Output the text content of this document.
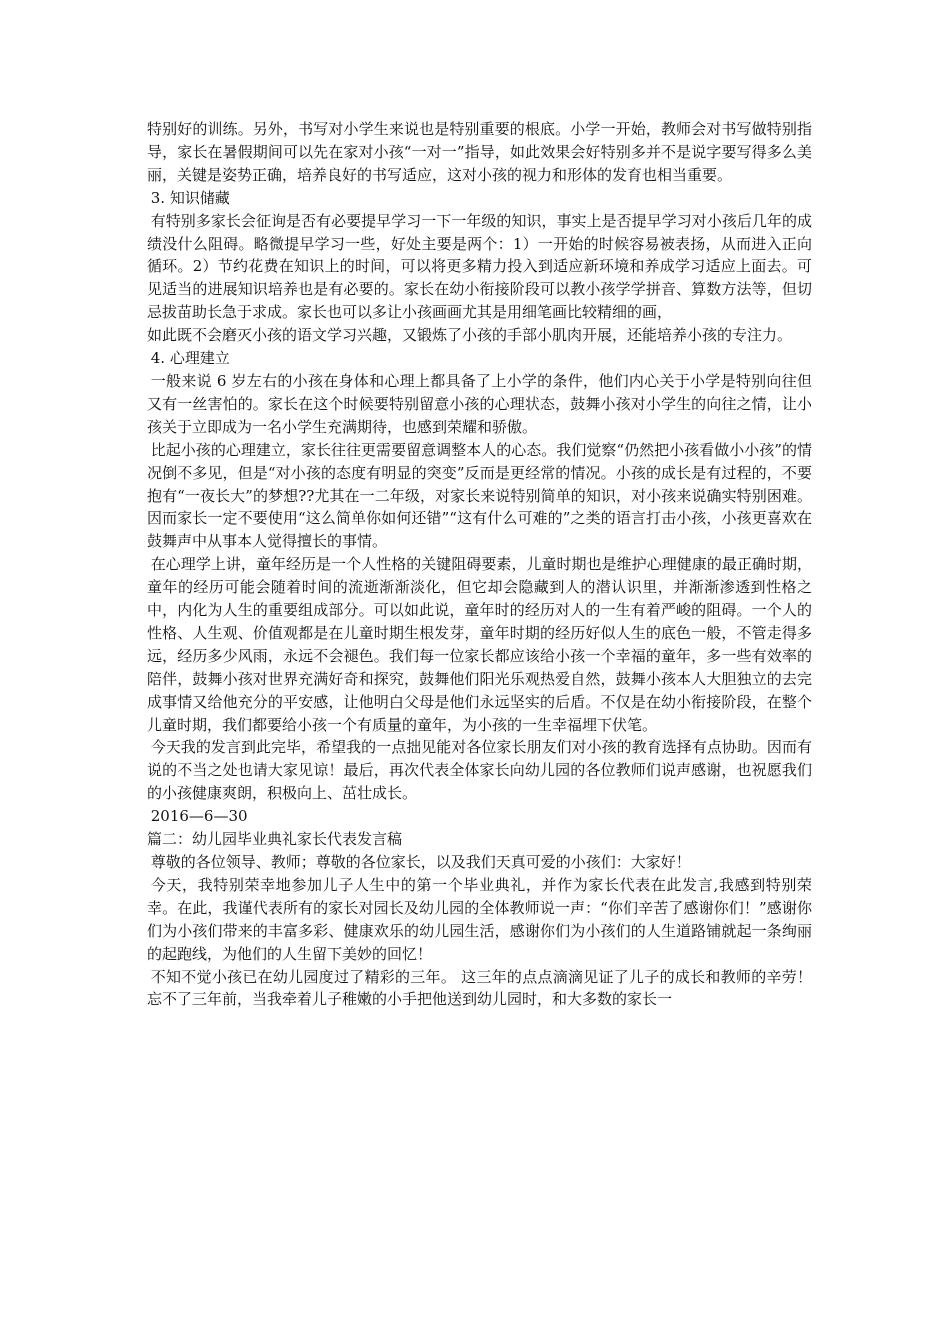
特别好的训练。另外，书写对小学生来说也是特别重要的根底。小学一开始，教师会对书写做特别指导，家长在暑假期间可以先在家对小孩“一对一”指导，如此效果会好特别多并不是说字要写得多么美丽，关键是姿势正确，培养良好的书写适应，这对小孩的视力和形体的发育也相当重要。

3. 知识储藏

有特别多家长会征询是否有必要提早学习一下一年级的知识，事实上是否提早学习对小孩后几年的成绩没什么阻碍。略微提早学习一些，好处主要是两个：1）一开始的时候容易被表扬，从而进入正向循环。2）节约花费在知识上的时间，可以将更多精力投入到适应新环境和养成学习适应上面去。可见适当的进展知识培养也是有必要的。家长在幼小衔接阶段可以教小孩学学拼音、算数方法等，但切忌拔苗助长急于求成。家长也可以多让小孩画画尤其是用细笔画比较精细的画，

如此既不会磨灭小孩的语文学习兴趣，又锻炼了小孩的手部小肌肉开展，还能培养小孩的专注力。

4. 心理建立

一般来说 6 岁左右的小孩在身体和心理上都具备了上小学的条件，他们内心关于小学是特别向往但又有一丝害怕的。家长在这个时候要特别留意小孩的心理状态，鼓舞小孩对小学生的向往之情，让小孩关于立即成为一名小学生充满期待，也感到荣耀和骄傲。

比起小孩的心理建立，家长往往更需要留意调整本人的心态。我们觉察“仍然把小孩看做小小孩”的情况倒不多见，但是“对小孩的态度有明显的突变”反而是更经常的情况。小孩的成长是有过程的，不要抱有“一夜长大”的梦想??尤其在一二年级，对家长来说特别简单的知识，对小孩来说确实特别困难。因而家长一定不要使用“这么简单你如何还错”“这有什么可难的”之类的语言打击小孩，小孩更喜欢在鼓舞声中从事本人觉得擅长的事情。

在心理学上讲，童年经历是一个人性格的关键阻碍要素，儿童时期也是维护心理健康的最正确时期，童年的经历可能会随着时间的流逝渐渐淡化，但它却会隐藏到人的潜认识里，并渐渐渗透到性格之中，内化为人生的重要组成部分。可以如此说，童年时的经历对人的一生有着严峻的阻碍。一个人的性格、人生观、价值观都是在儿童时期生根发芽，童年时期的经历好似人生的底色一般，不管走得多远，经历多少风雨，永远不会褪色。我们每一位家长都应该给小孩一个幸福的童年，多一些有效率的陪伴，鼓舞小孩对世界充满好奇和探究，鼓舞他们阳光乐观热爱自然，鼓舞小孩本人大胆独立的去完成事情又给他充分的平安感，让他明白父母是他们永远坚实的后盾。不仅是在幼小衔接阶段，在整个儿童时期，我们都要给小孩一个有质量的童年，为小孩的一生幸福埋下伏笔。

今天我的发言到此完毕，希望我的一点拙见能对各位家长朋友们对小孩的教育选择有点协助。因而有说的不当之处也请大家见谅！最后，再次代表全体家长向幼儿园的各位教师们说声感谢，也祝愿我们的小孩健康爽朗，积极向上、茁壮成长。

2016—6—30

篇二：幼儿园毕业典礼家长代表发言稿

尊敬的各位领导、教师；尊敬的各位家长，以及我们天真可爱的小孩们：大家好！

今天，我特别荣幸地参加儿子人生中的第一个毕业典礼，并作为家长代表在此发言,我感到特别荣幸。在此，我谨代表所有的家长对园长及幼儿园的全体教师说一声：“你们辛苦了感谢你们！”感谢你们为小孩们带来的丰富多彩、健康欢乐的幼儿园生活，感谢你们为小孩们的人生道路铺就起一条绚丽的起跑线，为他们的人生留下美妙的回忆！

不知不觉小孩已在幼儿园度过了精彩的三年。 这三年的点点滴滴见证了儿子的成长和教师的辛劳！忘不了三年前，当我牵着儿子稚嫩的小手把他送到幼儿园时，和大多数的家长一
